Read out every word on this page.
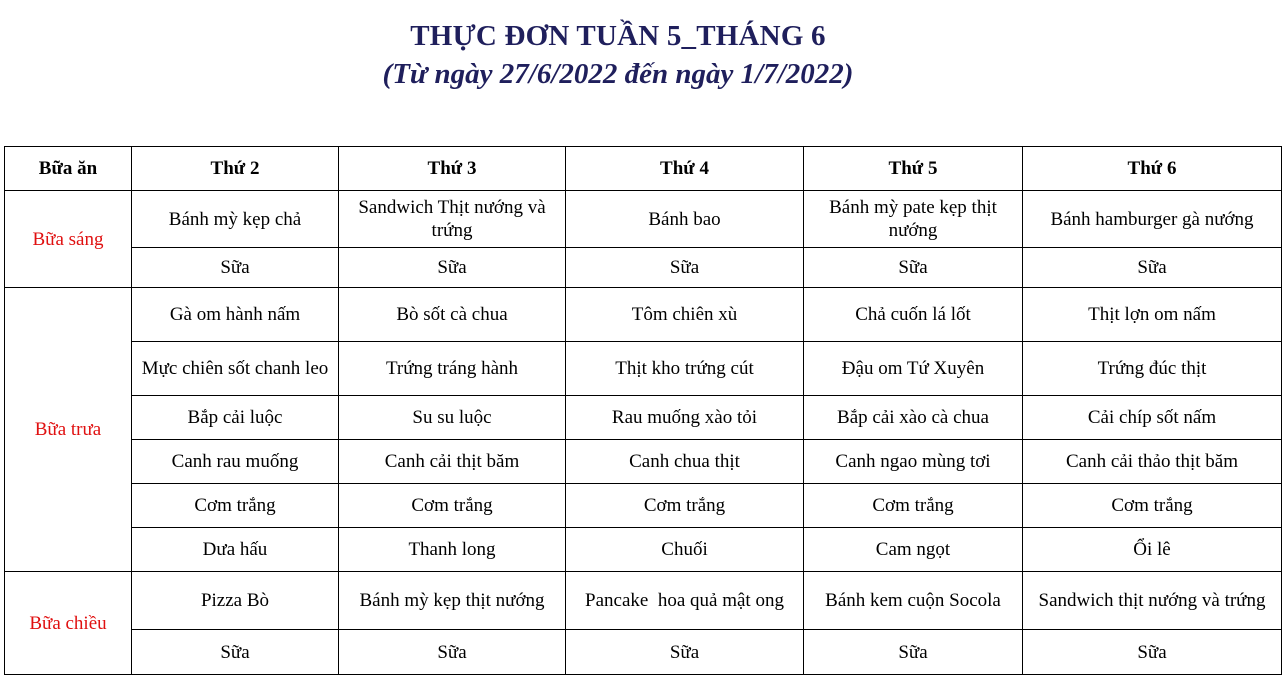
THỰC ĐƠN TUẦN 5_THÁNG 6
(Từ ngày 27/6/2022 đến ngày 1/7/2022)
Bữa ăn	Thứ 2	Thứ 3	Thứ 4	Thứ 5	Thứ 6
Bữa sáng	Bánh mỳ kẹp chả	Sandwich Thịt nướng và trứng	Bánh bao	Bánh mỳ pate kẹp thịt nướng	Bánh hamburger gà nướng
	Sữa	Sữa	Sữa	Sữa	Sữa
Bữa trưa	Gà om hành nấm	Bò sốt cà chua	Tôm chiên xù	Chả cuốn lá lốt	Thịt lợn om nấm
	Mực chiên sốt chanh leo	Trứng tráng hành	Thịt kho trứng cút	Đậu om Tứ Xuyên	Trứng đúc thịt
	Bắp cải luộc	Su su luộc	Rau muống xào tỏi	Bắp cải xào cà chua	Cải chíp sốt nấm
	Canh rau muống	Canh cải thịt băm	Canh chua thịt	Canh ngao mùng tơi	Canh cải thảo thịt băm
	Cơm trắng	Cơm trắng	Cơm trắng	Cơm trắng	Cơm trắng
	Dưa hấu	Thanh long	Chuối	Cam ngọt	Ổi lê
Bữa chiều	Pizza Bò	Bánh mỳ kẹp thịt nướng	Pancake  hoa quả mật ong	Bánh kem cuộn Socola	Sandwich thịt nướng và trứng
	Sữa	Sữa	Sữa	Sữa	Sữa
